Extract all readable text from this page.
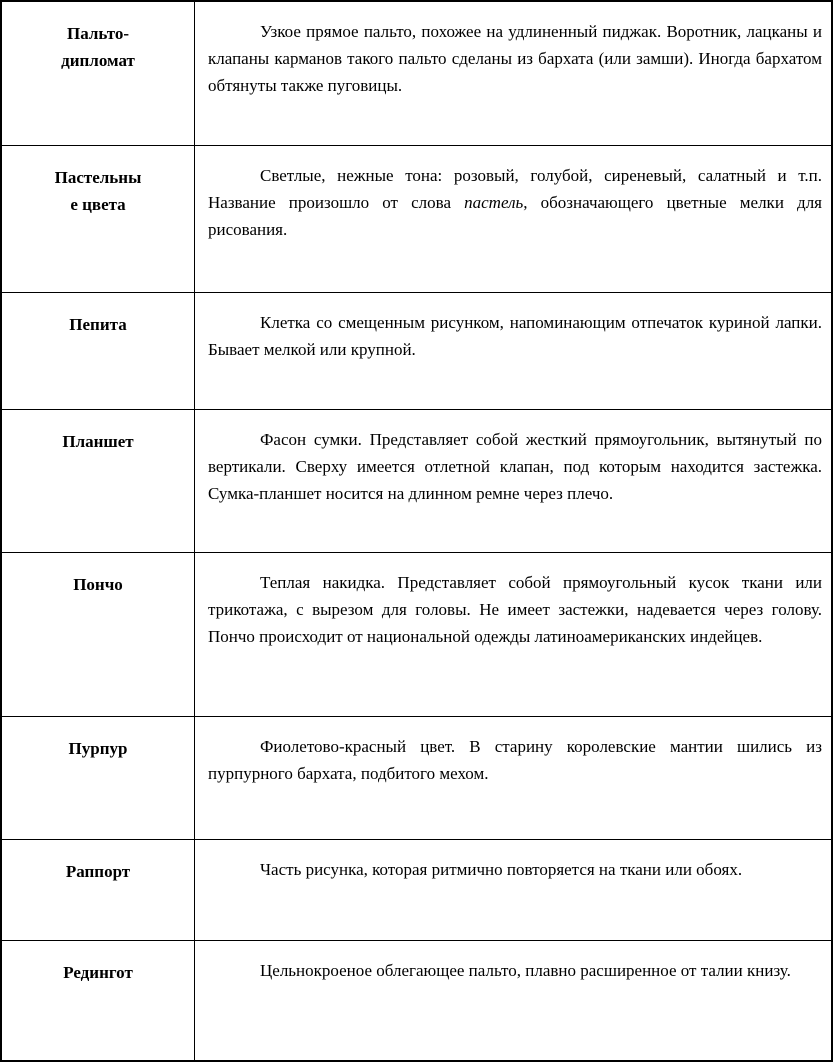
Пальто-
дипломат	Узкое прямое пальто, похожее на удлиненный пиджак. Воротник, лацканы и клапаны карманов такого пальто сделаны из бархата (или замши). Иногда бархатом обтянуты также пуговицы.

Пастельны
е цвета	Светлые, нежные тона: розовый, голубой, сиреневый, салатный и т.п. Название произошло от слова пастель, обозначающего цветные мелки для рисования.

Пепита	Клетка со смещенным рисунком, напоминающим отпечаток куриной лапки. Бывает мелкой или крупной.

Планшет	Фасон сумки. Представляет собой жесткий прямоугольник, вытянутый по вертикали. Сверху имеется отлетной клапан, под которым находится застежка. Сумка-планшет носится на длинном ремне через плечо.

Пончо	Теплая накидка. Представляет собой прямоугольный кусок ткани или трикотажа, с вырезом для головы. Не имеет застежки, надевается через голову. Пончо происходит от национальной одежды латиноамериканских индейцев.

Пурпур	Фиолетово-красный цвет. В старину королевские мантии шились из пурпурного бархата, подбитого мехом.

Раппорт	Часть рисунка, которая ритмично повторяется на ткани или обоях.

Редингот	Цельнокроеное облегающее пальто, плавно расширенное от талии книзу.
